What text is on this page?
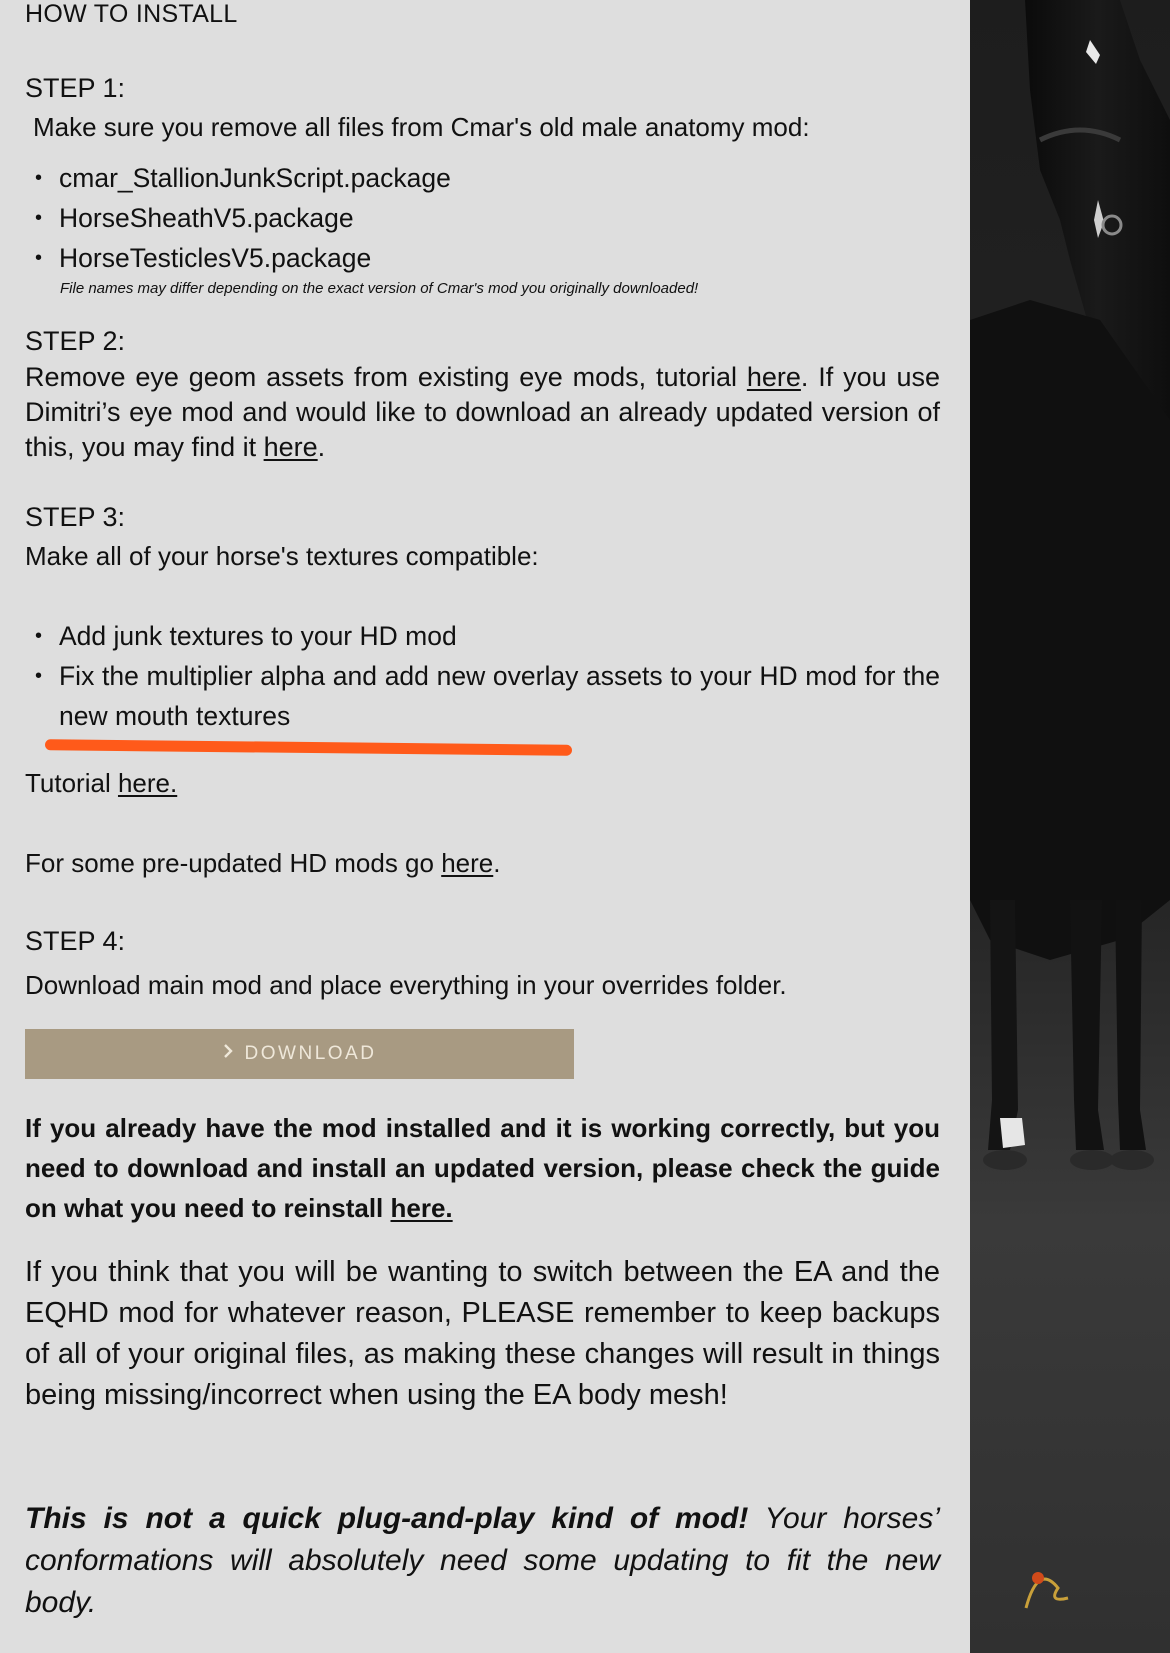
HOW TO INSTALL
STEP 1:
Make sure you remove all files from Cmar's old male anatomy mod:
• cmar_StallionJunkScript.package
• HorseSheathV5.package
• HorseTesticlesV5.package
File names may differ depending on the exact version of Cmar's mod you originally downloaded!
STEP 2:

Remove eye geom assets from existing eye mods, tutorial here. If you use Dimitri’s eye mod and would like to download an already updated version of this, you may find it here.

STEP 3:
Make all of your horse's textures compatible:
• Add junk textures to your HD mod
• Fix the multiplier alpha and add new overlay assets to your HD mod for the new mouth textures

Tutorial here.

For some pre-updated HD mods go here.

STEP 4:
Download main mod and place everything in your overrides folder.
DOWNLOAD

If you already have the mod installed and it is working correctly, but you need to download and install an updated version, please check the guide on what you need to reinstall here.

If you think that you will be wanting to switch between the EA and the EQHD mod for whatever reason, PLEASE remember to keep backups of all of your original files, as making these changes will result in things being missing/incorrect when using the EA body mesh!

This is not a quick plug-and-play kind of mod! Your horses’ conformations will absolutely need some updating to fit the new body.
